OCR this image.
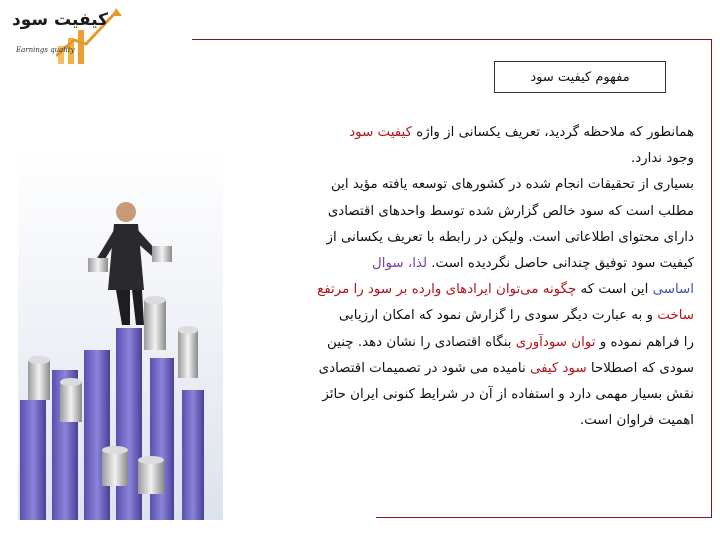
کیفیت سود
Earnings quality
مفهوم کیفیت سود
همانطور که ملاحظه گردید، تعریف یکسانی از واژه کیفیت سود
وجود ندارد.
بسیاری از تحقیقات انجام شده در کشورهای توسعه یافته مؤید این
مطلب است که سود خالص گزارش شده توسط واحدهای اقتصادی
دارای محتوای اطلاعاتی است. ولیکن در رابطه با تعریف یکسانی از
کیفیت سود توفیق چندانی حاصل نگردیده است. لذا، سوال
اساسی این است که چگونه می‌توان ایرادهای وارده بر سود را مرتفع
ساخت و به عبارت دیگر سودی را گزارش نمود که امکان ارزیابی
را فراهم نموده و توان سودآوری بنگاه اقتصادی را نشان دهد. چنین
سودی که اصطلاحا سود کیفی نامیده می شود در تصمیمات اقتصادی
نقش بسیار مهمی دارد و استفاده از آن در شرایط کنونی ایران حائز
اهمیت فراوان است.
